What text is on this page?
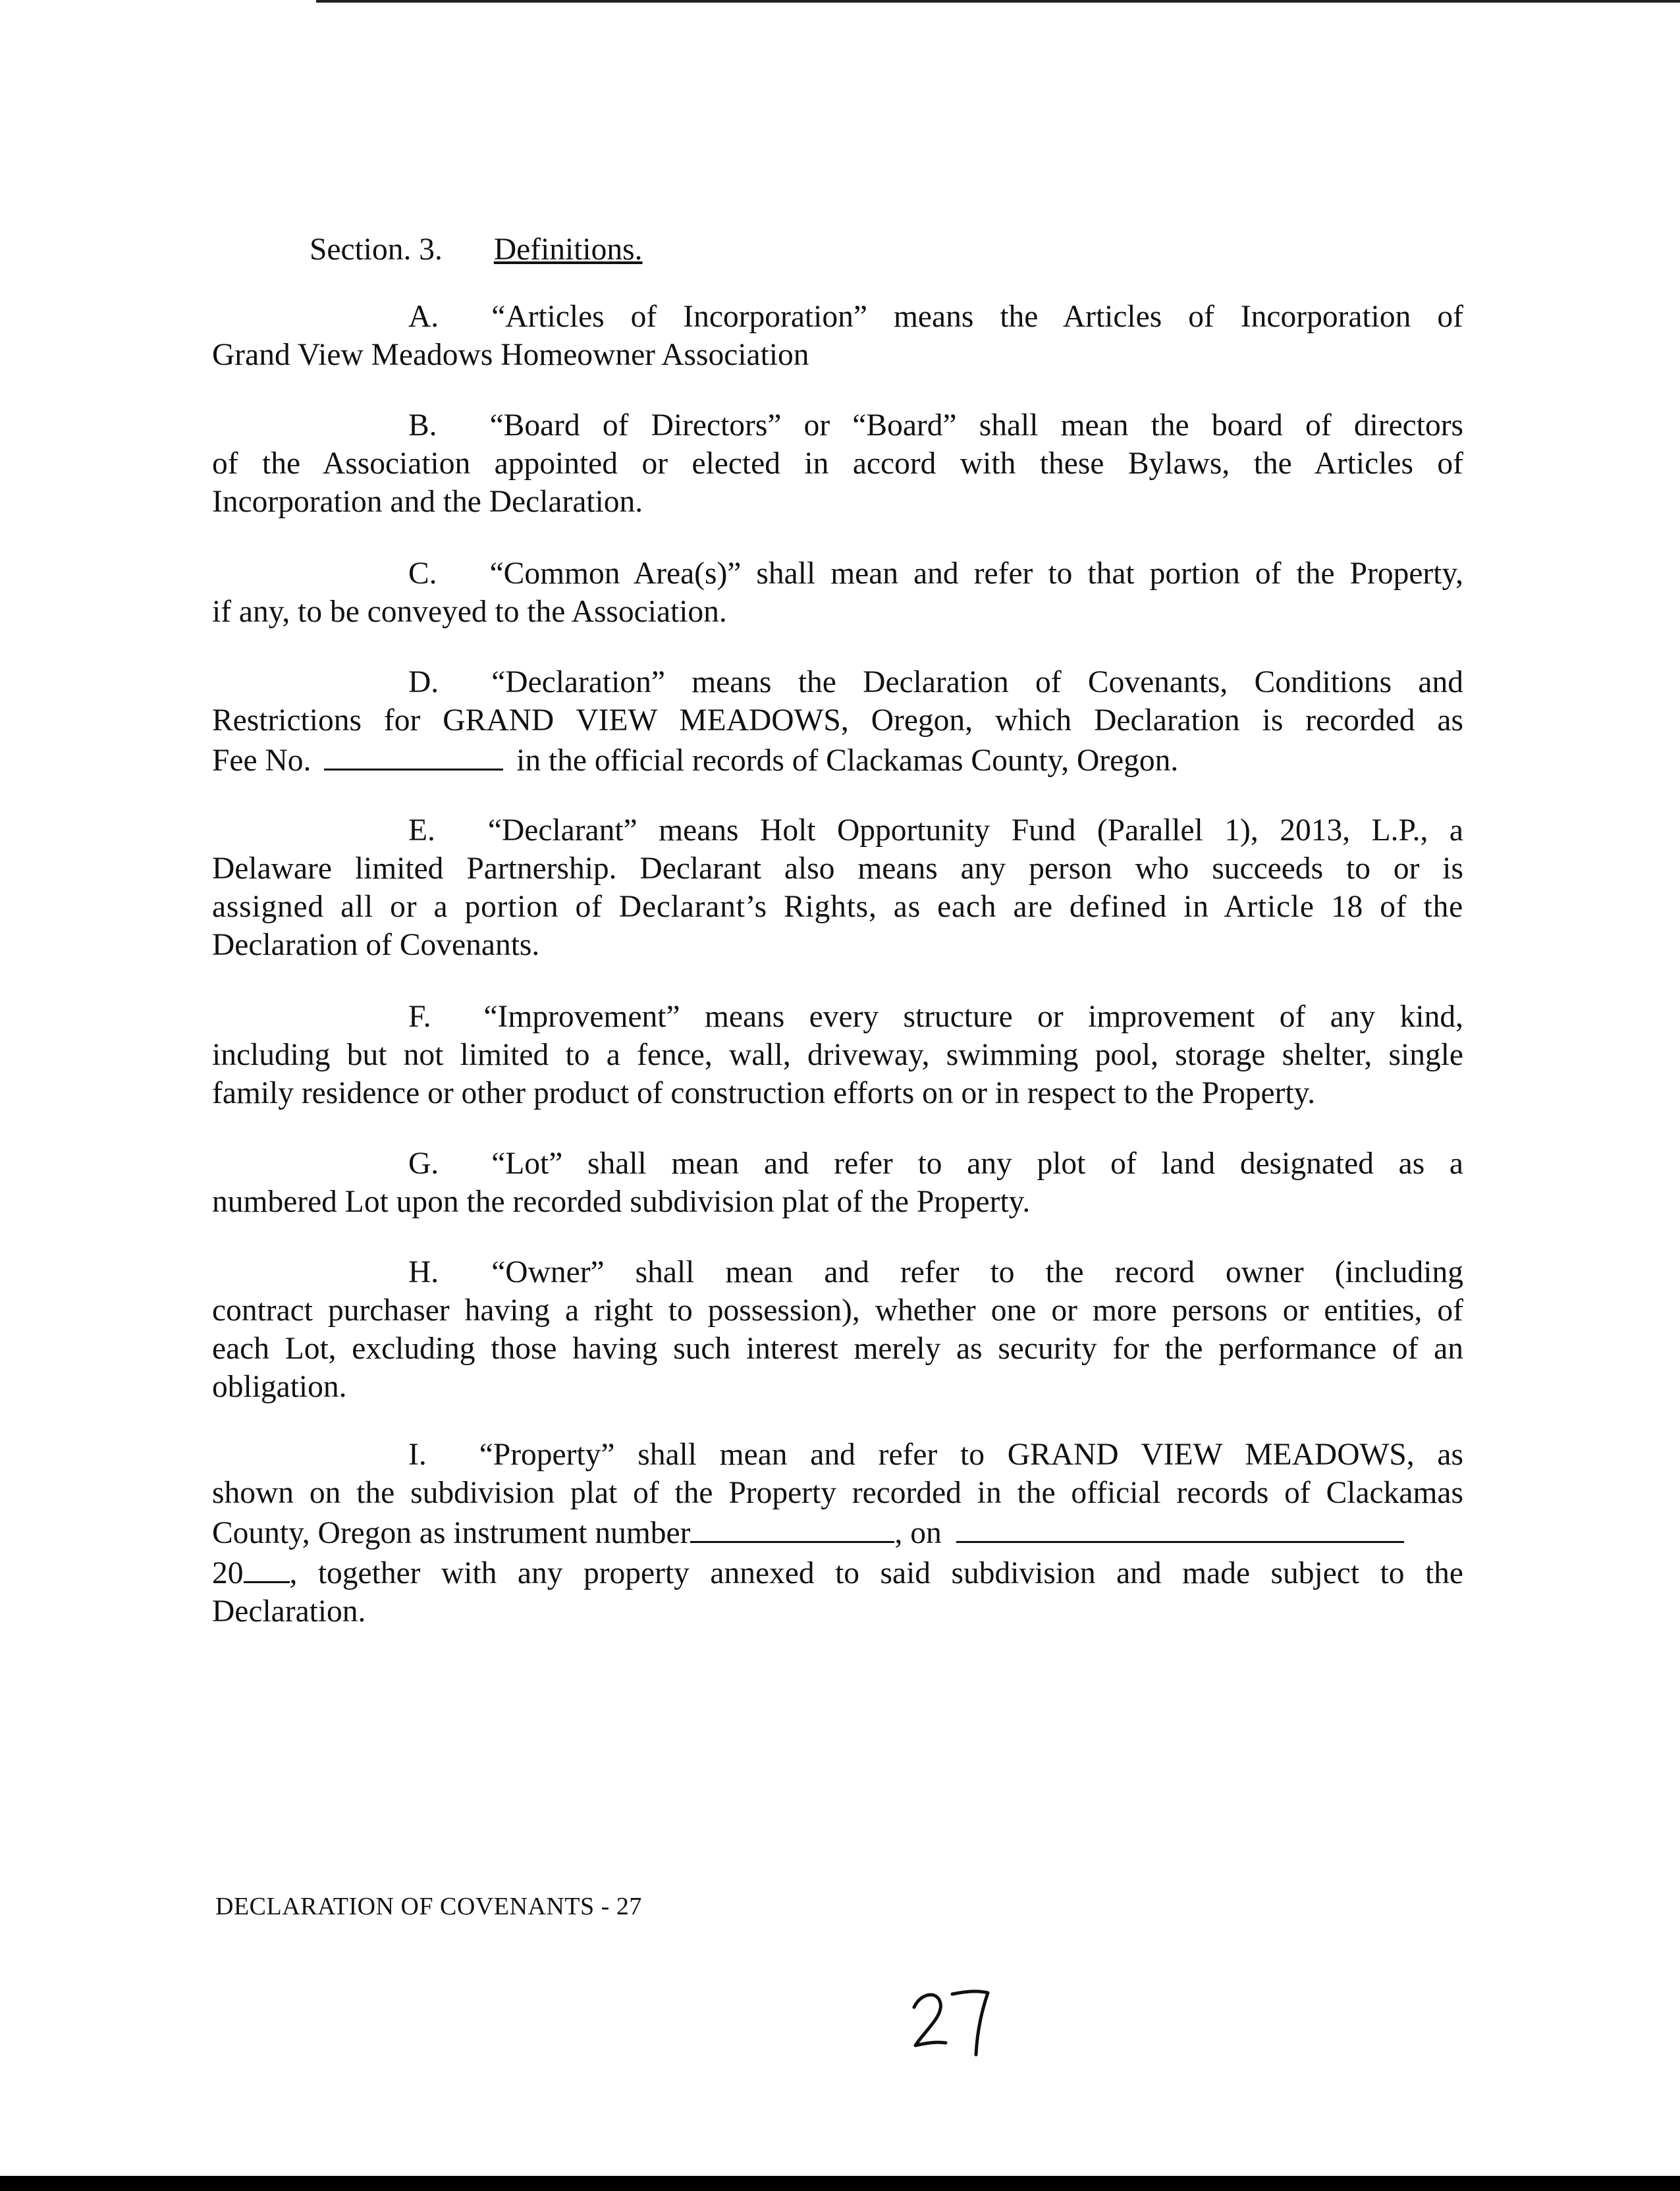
Section. 3. Definitions.
A. “Articles of Incorporation” means the Articles of Incorporation of
Grand View Meadows Homeowner Association
B. “Board of Directors” or “Board” shall mean the board of directors
of the Association appointed or elected in accord with these Bylaws, the Articles of
Incorporation and the Declaration.
C. “Common Area(s)” shall mean and refer to that portion of the Property,
if any, to be conveyed to the Association.
D. “Declaration” means the Declaration of Covenants, Conditions and
Restrictions for GRAND VIEW MEADOWS, Oregon, which Declaration is recorded as
Fee No.	in the official records of Clackamas County, Oregon.
E. “Declarant” means Holt Opportunity Fund (Parallel 1), 2013, L.P., a
Delaware limited Partnership. Declarant also means any person who succeeds to or is
assigned all or a portion of Declarant’s Rights, as each are defined in Article 18 of the
Declaration of Covenants.
F. “Improvement” means every structure or improvement of any kind,
including but not limited to a fence, wall, driveway, swimming pool, storage shelter, single
family residence or other product of construction efforts on or in respect to the Property.
G. “Lot” shall mean and refer to any plot of land designated as a
numbered Lot upon the recorded subdivision plat of the Property.
H. “Owner” shall mean and refer to the record owner (including
contract purchaser having a right to possession), whether one or more persons or entities, of
each Lot, excluding those having such interest merely as security for the performance of an
obligation.
I. “Property” shall mean and refer to GRAND VIEW MEADOWS, as
shown on the subdivision plat of the Property recorded in the official records of Clackamas
County, Oregon as instrument number	, on
20 , together with any property annexed to said subdivision and made subject to the
Declaration.
DECLARATION OF COVENANTS - 27
